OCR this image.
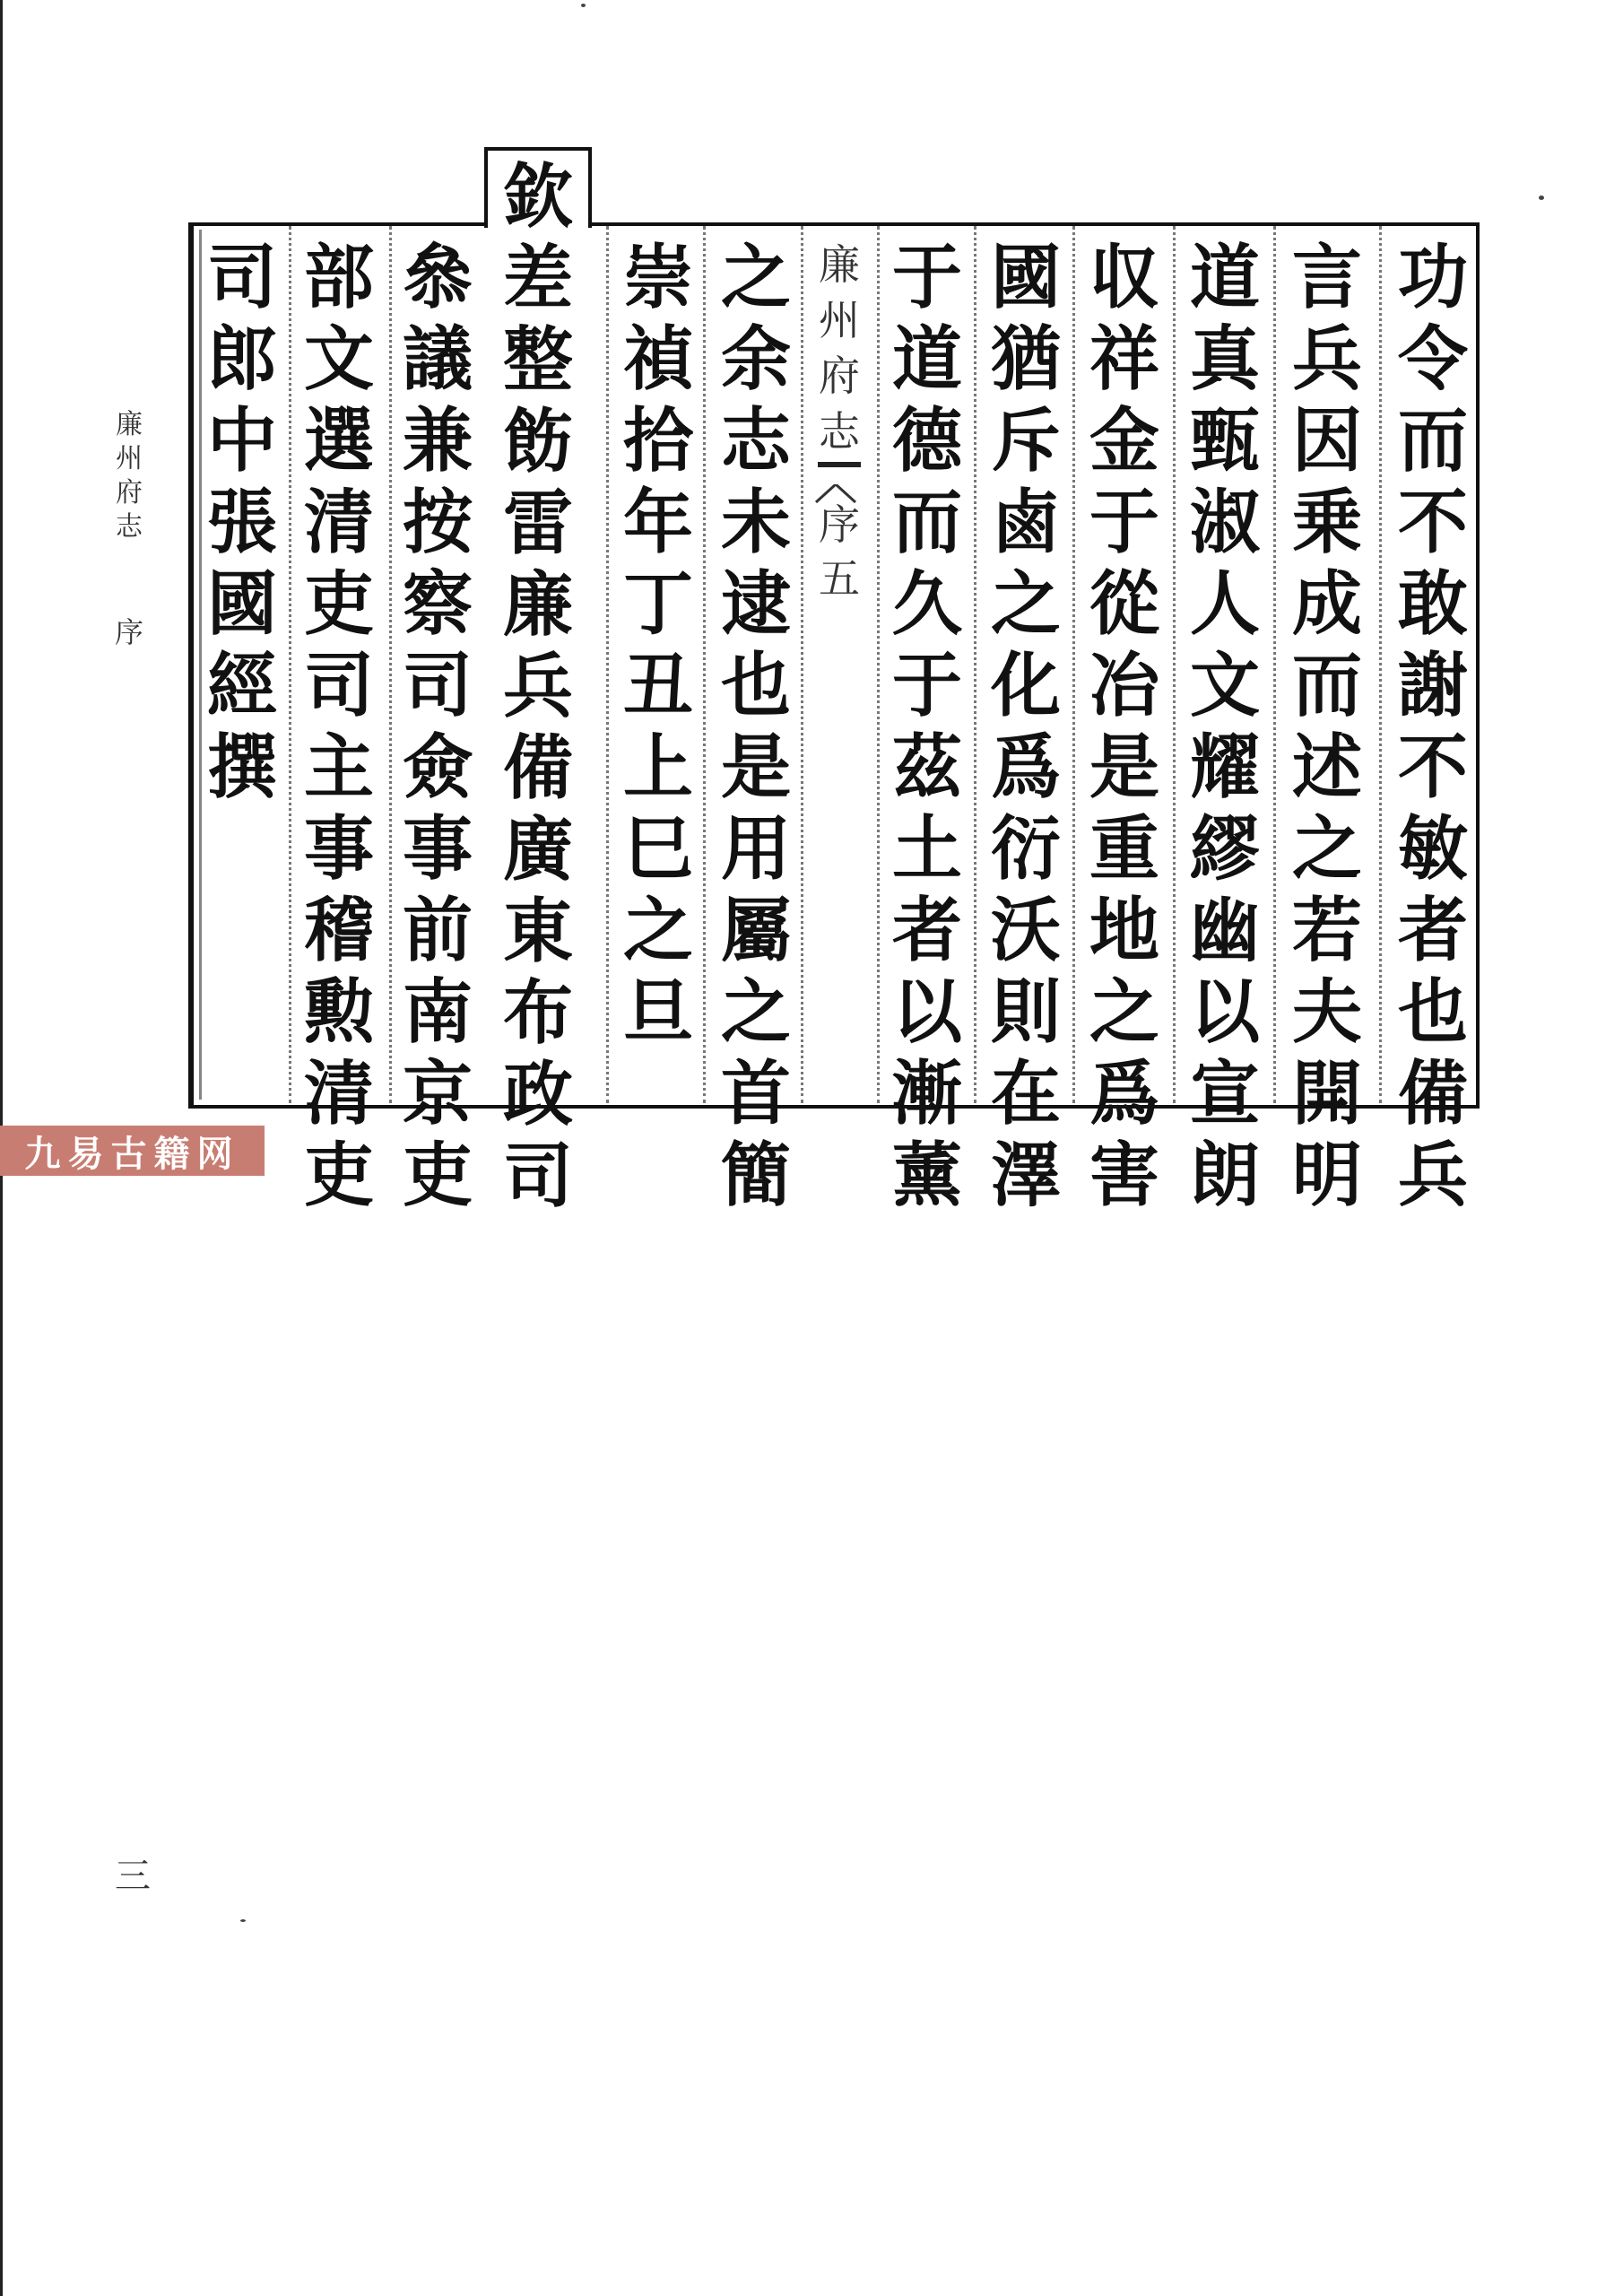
廉
州
府
志
序
功
令
而
不
敢
謝
不
敏
者
也
備
兵
言
兵
因
乗
成
而
述
之
若
夫
開
明
道
真
甄
淑
人
文
耀
繆
幽
以
宣
朗
収
祥
金
于
從
冶
是
重
地
之
爲
害
國
猶
斥
鹵
之
化
爲
衍
沃
則
在
澤
于
道
德
而
久
于
茲
土
者
以
漸
薰
廉
州
府
志
序
五
之
余
志
未
逮
也
是
用
屬
之
首
簡
崇
禎
拾
年
丁
丑
上
巳
之
旦
欽
差
整
飭
雷
廉
兵
備
廣
東
布
政
司
叅
議
兼
按
察
司
僉
事
前
南
京
吏
部
文
選
清
吏
司
主
事
稽
勲
清
吏
司
郎
中
張
國
經
撰
九易古籍网
三
